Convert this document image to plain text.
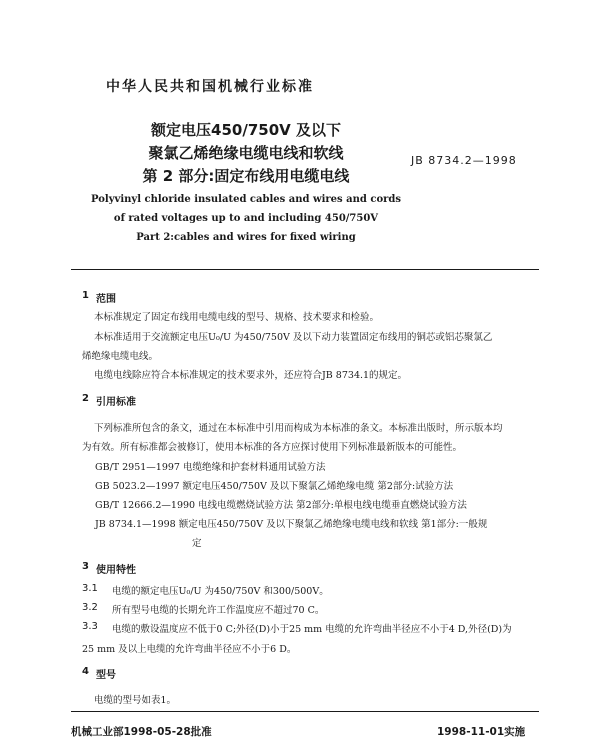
中华人民共和国机械行业标准
额定电压450/750V 及以下
聚氯乙烯绝缘电缆电线和软线
第 2 部分:固定布线用电缆电线
JB 8734.2—1998
Polyvinyl chloride insulated cables and wires and cords
of rated voltages up to and including 450/750V
Part 2:cables and wires for fixed wiring
1 范围
本标准规定了固定布线用电缆电线的型号、规格、技术要求和检验。
本标准适用于交流额定电压U₀/U 为450/750V 及以下动力装置固定布线用的铜芯或铝芯聚氯乙
烯绝缘电缆电线。
电缆电线除应符合本标准规定的技术要求外，还应符合JB 8734.1的规定。
2 引用标准
下列标准所包含的条文，通过在本标准中引用而构成为本标准的条文。本标准出版时，所示版本均
为有效。所有标准都会被修订，使用本标准的各方应探讨使用下列标准最新版本的可能性。
GB/T 2951—1997 电缆绝缘和护套材料通用试验方法
GB 5023.2—1997 额定电压450/750V 及以下聚氯乙烯绝缘电缆 第2部分:试验方法
GB/T 12666.2—1990 电线电缆燃烧试验方法 第2部分:单根电线电缆垂直燃烧试验方法
JB 8734.1—1998 额定电压450/750V 及以下聚氯乙烯绝缘电缆电线和软线 第1部分:一般规
定
3 使用特性
3.1 电缆的额定电压U₀/U 为450/750V 和300/500V。
3.2 所有型号电缆的长期允许工作温度应不超过70 C。
3.3 电缆的敷设温度应不低于0 C;外径(D)小于25 mm 电缆的允许弯曲半径应不小于4 D,外径(D)为
25 mm 及以上电缆的允许弯曲半径应不小于6 D。
4 型号
电缆的型号如表1。
机械工业部1998-05-28批准	1998-11-01实施
